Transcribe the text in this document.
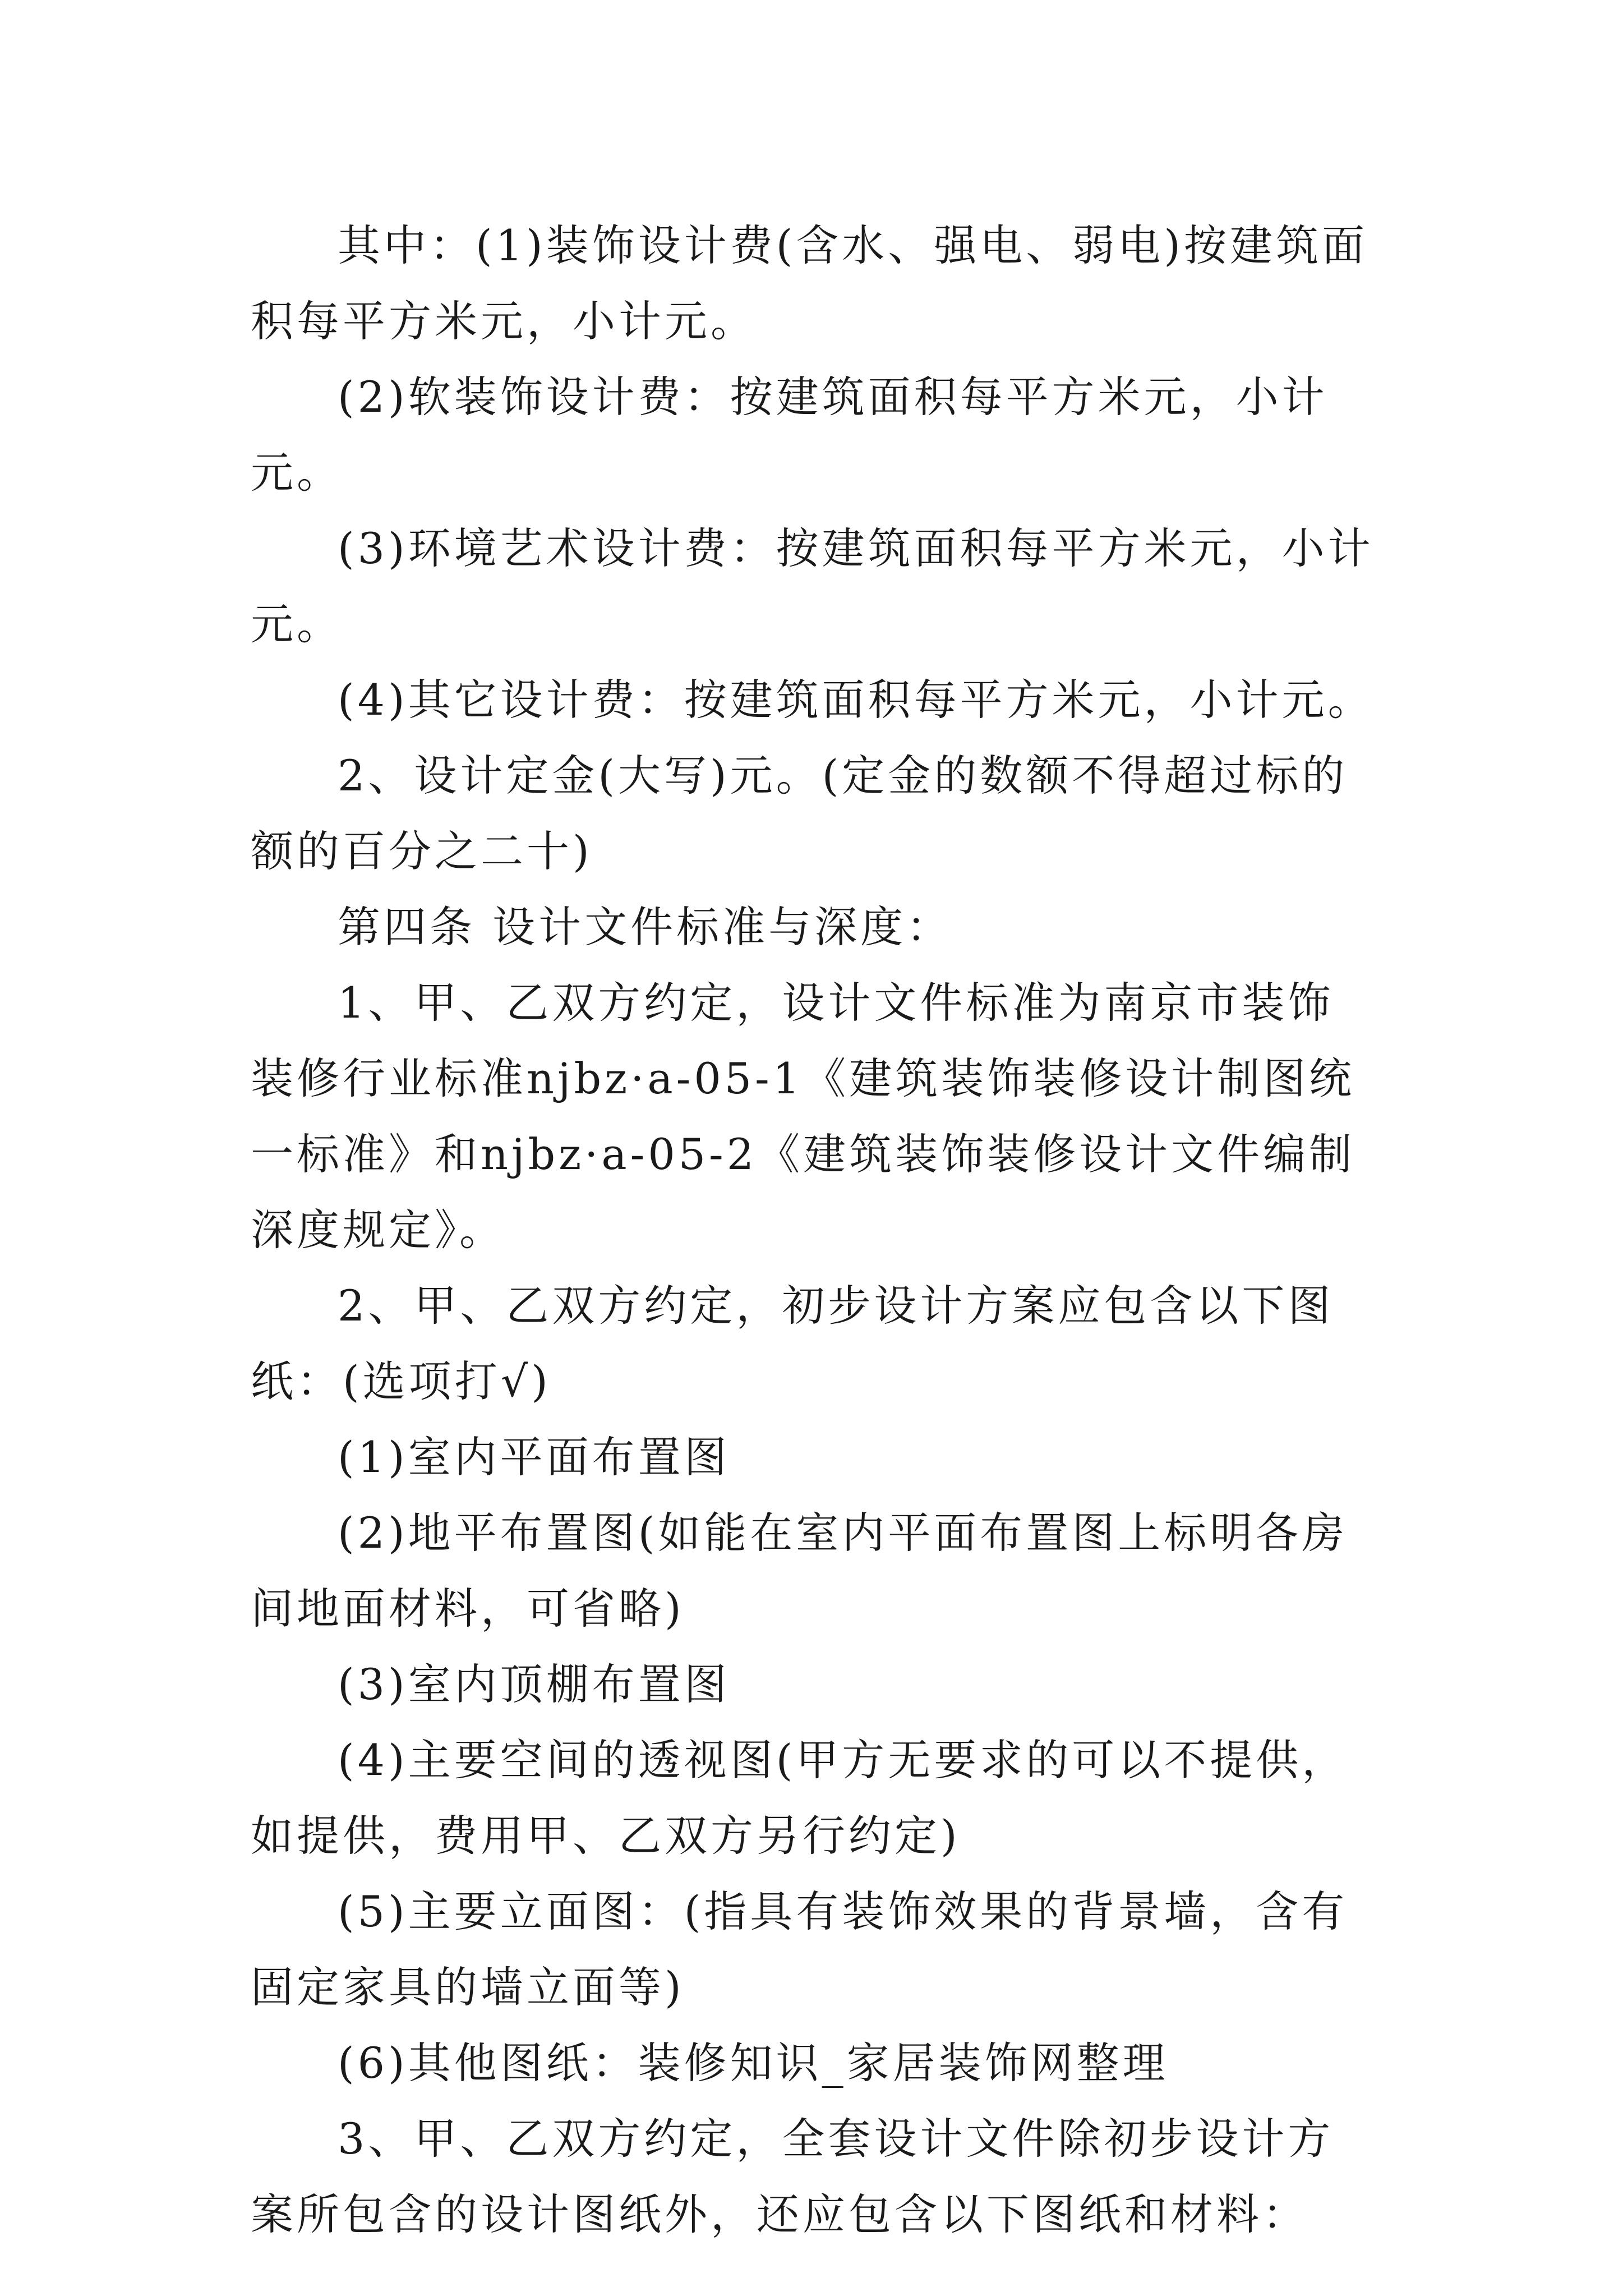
其中：(1)装饰设计费(含水、强电、弱电)按建筑面积每平方米元，小计元。

(2)软装饰设计费：按建筑面积每平方米元，小计元。

(3)环境艺术设计费：按建筑面积每平方米元，小计元。

(4)其它设计费：按建筑面积每平方米元，小计元。

2、设计定金(大写)元。(定金的数额不得超过标的额的百分之二十)

第四条 设计文件标准与深度：

1、甲、乙双方约定，设计文件标准为南京市装饰装修行业标准njbz·a-05-1《建筑装饰装修设计制图统一标准》和njbz·a-05-2《建筑装饰装修设计文件编制深度规定》。

2、甲、乙双方约定，初步设计方案应包含以下图纸：(选项打√)

(1)室内平面布置图

(2)地平布置图(如能在室内平面布置图上标明各房间地面材料，可省略)

(3)室内顶棚布置图

(4)主要空间的透视图(甲方无要求的可以不提供，如提供，费用甲、乙双方另行约定)

(5)主要立面图：(指具有装饰效果的背景墙，含有固定家具的墙立面等)

(6)其他图纸：装修知识_家居装饰网整理

3、甲、乙双方约定，全套设计文件除初步设计方案所包含的设计图纸外，还应包含以下图纸和材料：
